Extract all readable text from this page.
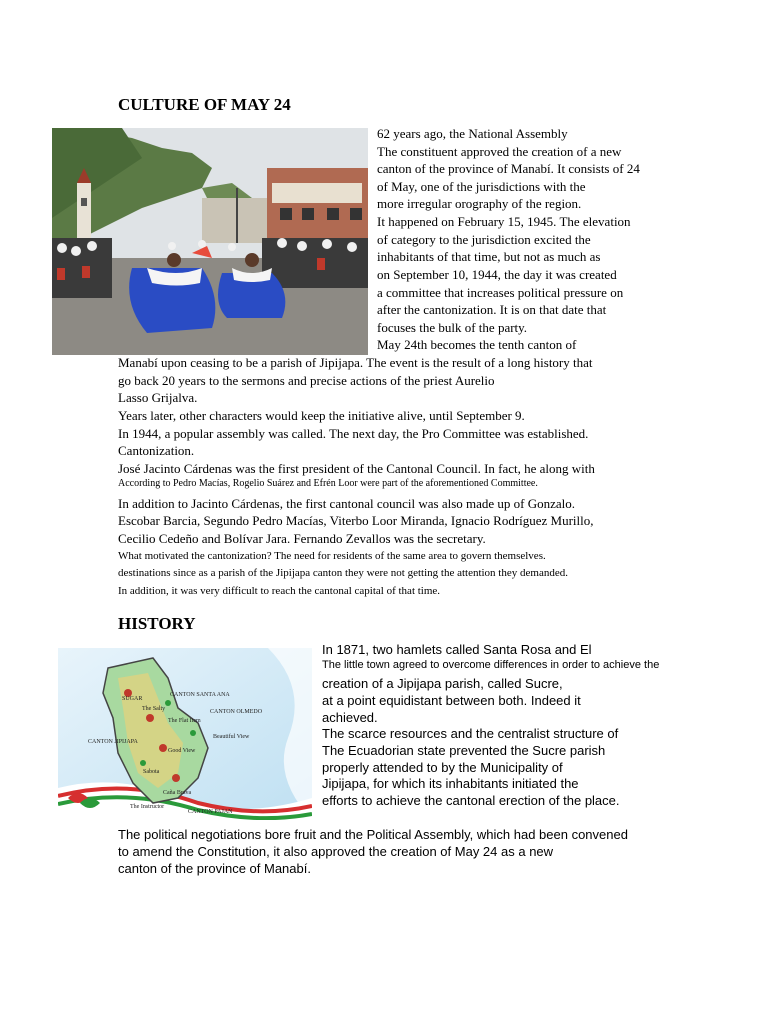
CULTURE OF MAY 24
62 years ago, the National Assembly
The constituent approved the creation of a new
canton of the province of Manabí. It consists of 24
of May, one of the jurisdictions with the
more irregular orography of the region.
It happened on February 15, 1945. The elevation
of category to the jurisdiction excited the
inhabitants of that time, but not as much as
on September 10, 1944, the day it was created
a committee that increases political pressure on
after the cantonization. It is on that date that
focuses the bulk of the party.
May 24th becomes the tenth canton of
Manabí upon ceasing to be a parish of Jipijapa. The event is the result of a long history that
go back 20 years to the sermons and precise actions of the priest Aurelio
Lasso Grijalva.
Years later, other characters would keep the initiative alive, until September 9.
In 1944, a popular assembly was called. The next day, the Pro Committee was established.
Cantonization.
José Jacinto Cárdenas was the first president of the Cantonal Council. In fact, he along with
According to Pedro Macías, Rogelio Suárez and Efrén Loor were part of the aforementioned Committee.
In addition to Jacinto Cárdenas, the first cantonal council was also made up of Gonzalo.
Escobar Barcia, Segundo Pedro Macías, Viterbo Loor Miranda, Ignacio Rodríguez Murillo,
Cecilio Cedeño and Bolívar Jara. Fernando Zevallos was the secretary.
What motivated the cantonization? The need for residents of the same area to govern themselves.
destinations since as a parish of the Jipijapa canton they were not getting the attention they demanded.
In addition, it was very difficult to reach the cantonal capital of that time.
HISTORY
CANTON SANTA ANA
CANTON OLMEDO
CANTON JIPIJAPA
CANTON PAJAN
SUGAR
The Salty
The Flat Item
Good View
Sabota
Caña Brava
The Instructor
Beautiful View
In 1871, two hamlets called Santa Rosa and El
The little town agreed to overcome differences in order to achieve the
creation of a Jipijapa parish, called Sucre,
at a point equidistant between both. Indeed it
achieved.
The scarce resources and the centralist structure of
The Ecuadorian state prevented the Sucre parish
properly attended to by the Municipality of
Jipijapa, for which its inhabitants initiated the
efforts to achieve the cantonal erection of the place.
The political negotiations bore fruit and the Political Assembly, which had been convened
to amend the Constitution, it also approved the creation of May 24 as a new
canton of the province of Manabí.
